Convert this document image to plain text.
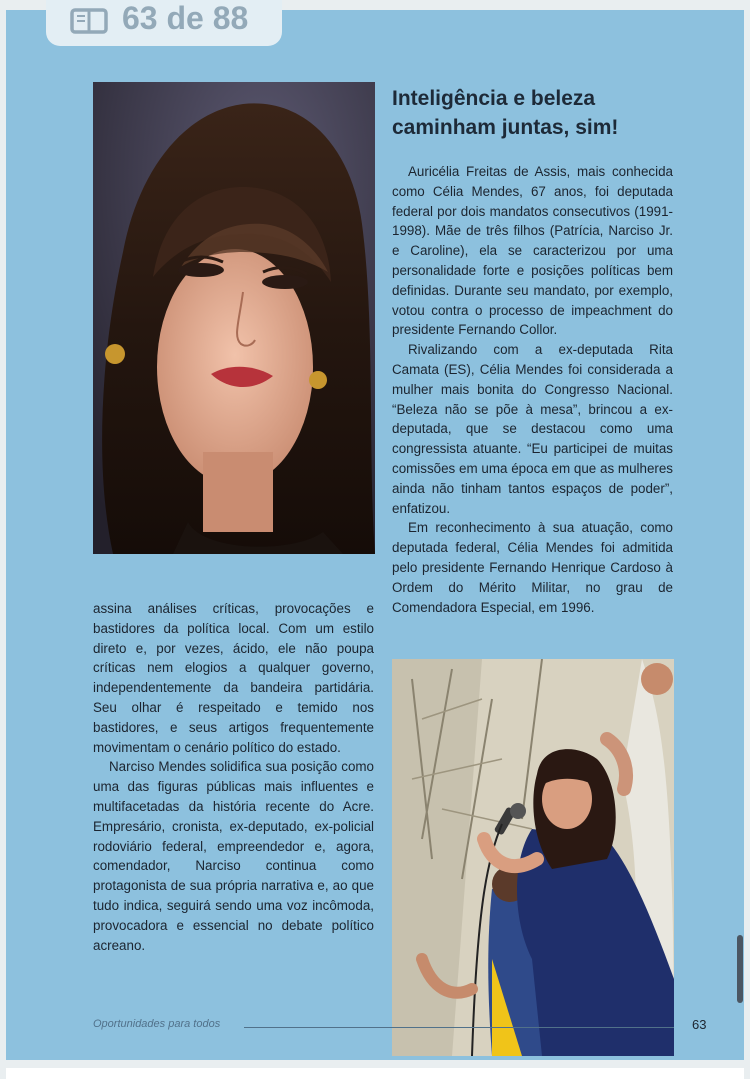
63 de 88
Inteligência e beleza caminham juntas, sim!

Auricélia Freitas de Assis, mais conhecida como Célia Mendes, 67 anos, foi deputada federal por dois mandatos consecutivos (1991-1998). Mãe de três filhos (Patrícia, Narciso Jr. e Caroline), ela se caracterizou por uma personalidade forte e posições políticas bem definidas. Durante seu mandato, por exemplo, votou contra o processo de impeachment do presidente Fernando Collor.

Rivalizando com a ex-deputada Rita Camata (ES), Célia Mendes foi considerada a mulher mais bonita do Congresso Nacional. “Beleza não se põe à mesa”, brincou a ex-deputada, que se destacou como uma congressista atuante. “Eu participei de muitas comissões em uma época em que as mulheres ainda não tinham tantos espaços de poder”, enfatizou.

Em reconhecimento à sua atuação, como deputada federal, Célia Mendes foi admitida pelo presidente Fernando Henrique Cardoso à Ordem do Mérito Militar, no grau de Comendadora Especial, em 1996.

assina análises críticas, provocações e bastidores da política local. Com um estilo direto e, por vezes, ácido, ele não poupa críticas nem elogios a qualquer governo, independentemente da bandeira partidária. Seu olhar é respeitado e temido nos bastidores, e seus artigos frequentemente movimentam o cenário político do estado.

Narciso Mendes solidifica sua posição como uma das figuras públicas mais influentes e multifacetadas da história recente do Acre. Empresário, cronista, ex-deputado, ex-policial rodoviário federal, empreendedor e, agora, comendador, Narciso continua como protagonista de sua própria narrativa e, ao que tudo indica, seguirá sendo uma voz incômoda, provocadora e essencial no debate político acreano.

Oportunidades para todos	63
